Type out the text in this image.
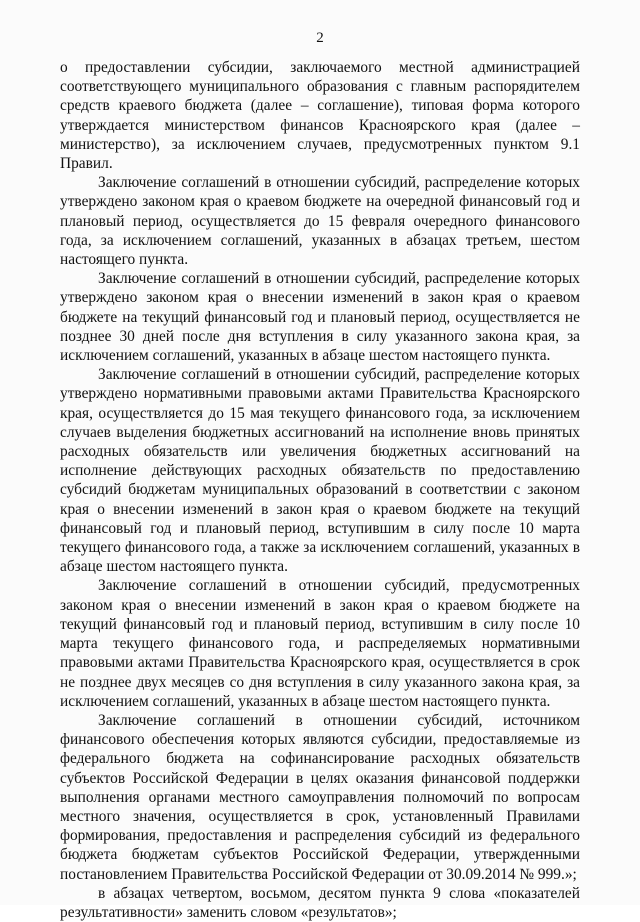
2

о предоставлении субсидии, заключаемого местной администрацией соответствующего муниципального образования с главным распорядителем средств краевого бюджета (далее – соглашение), типовая форма которого утверждается министерством финансов Красноярского края (далее – министерство), за исключением случаев, предусмотренных пунктом 9.1 Правил.

Заключение соглашений в отношении субсидий, распределение которых утверждено законом края о краевом бюджете на очередной финансовый год и плановый период, осуществляется до 15 февраля очередного финансового года, за исключением соглашений, указанных в абзацах третьем, шестом настоящего пункта.

Заключение соглашений в отношении субсидий, распределение которых утверждено законом края о внесении изменений в закон края о краевом бюджете на текущий финансовый год и плановый период, осуществляется не позднее 30 дней после дня вступления в силу указанного закона края, за исключением соглашений, указанных в абзаце шестом настоящего пункта.

Заключение соглашений в отношении субсидий, распределение которых утверждено нормативными правовыми актами Правительства Красноярского края, осуществляется до 15 мая текущего финансового года, за исключением случаев выделения бюджетных ассигнований на исполнение вновь принятых расходных обязательств или увеличения бюджетных ассигнований на исполнение действующих расходных обязательств по предоставлению субсидий бюджетам муниципальных образований в соответствии с законом края о внесении изменений в закон края о краевом бюджете на текущий финансовый год и плановый период, вступившим в силу после 10 марта текущего финансового года, а также за исключением соглашений, указанных в абзаце шестом настоящего пункта.

Заключение соглашений в отношении субсидий, предусмотренных законом края о внесении изменений в закон края о краевом бюджете на текущий финансовый год и плановый период, вступившим в силу после 10 марта текущего финансового года, и распределяемых нормативными правовыми актами Правительства Красноярского края, осуществляется в срок не позднее двух месяцев со дня вступления в силу указанного закона края, за исключением соглашений, указанных в абзаце шестом настоящего пункта.

Заключение соглашений в отношении субсидий, источником финансового обеспечения которых являются субсидии, предоставляемые из федерального бюджета на софинансирование расходных обязательств субъектов Российской Федерации в целях оказания финансовой поддержки выполнения органами местного самоуправления полномочий по вопросам местного значения, осуществляется в срок, установленный Правилами формирования, предоставления и распределения субсидий из федерального бюджета бюджетам субъектов Российской Федерации, утвержденными постановлением Правительства Российской Федерации от 30.09.2014 № 999.»;

в абзацах четвертом, восьмом, десятом пункта 9 слова «показателей результативности» заменить словом «результатов»;
